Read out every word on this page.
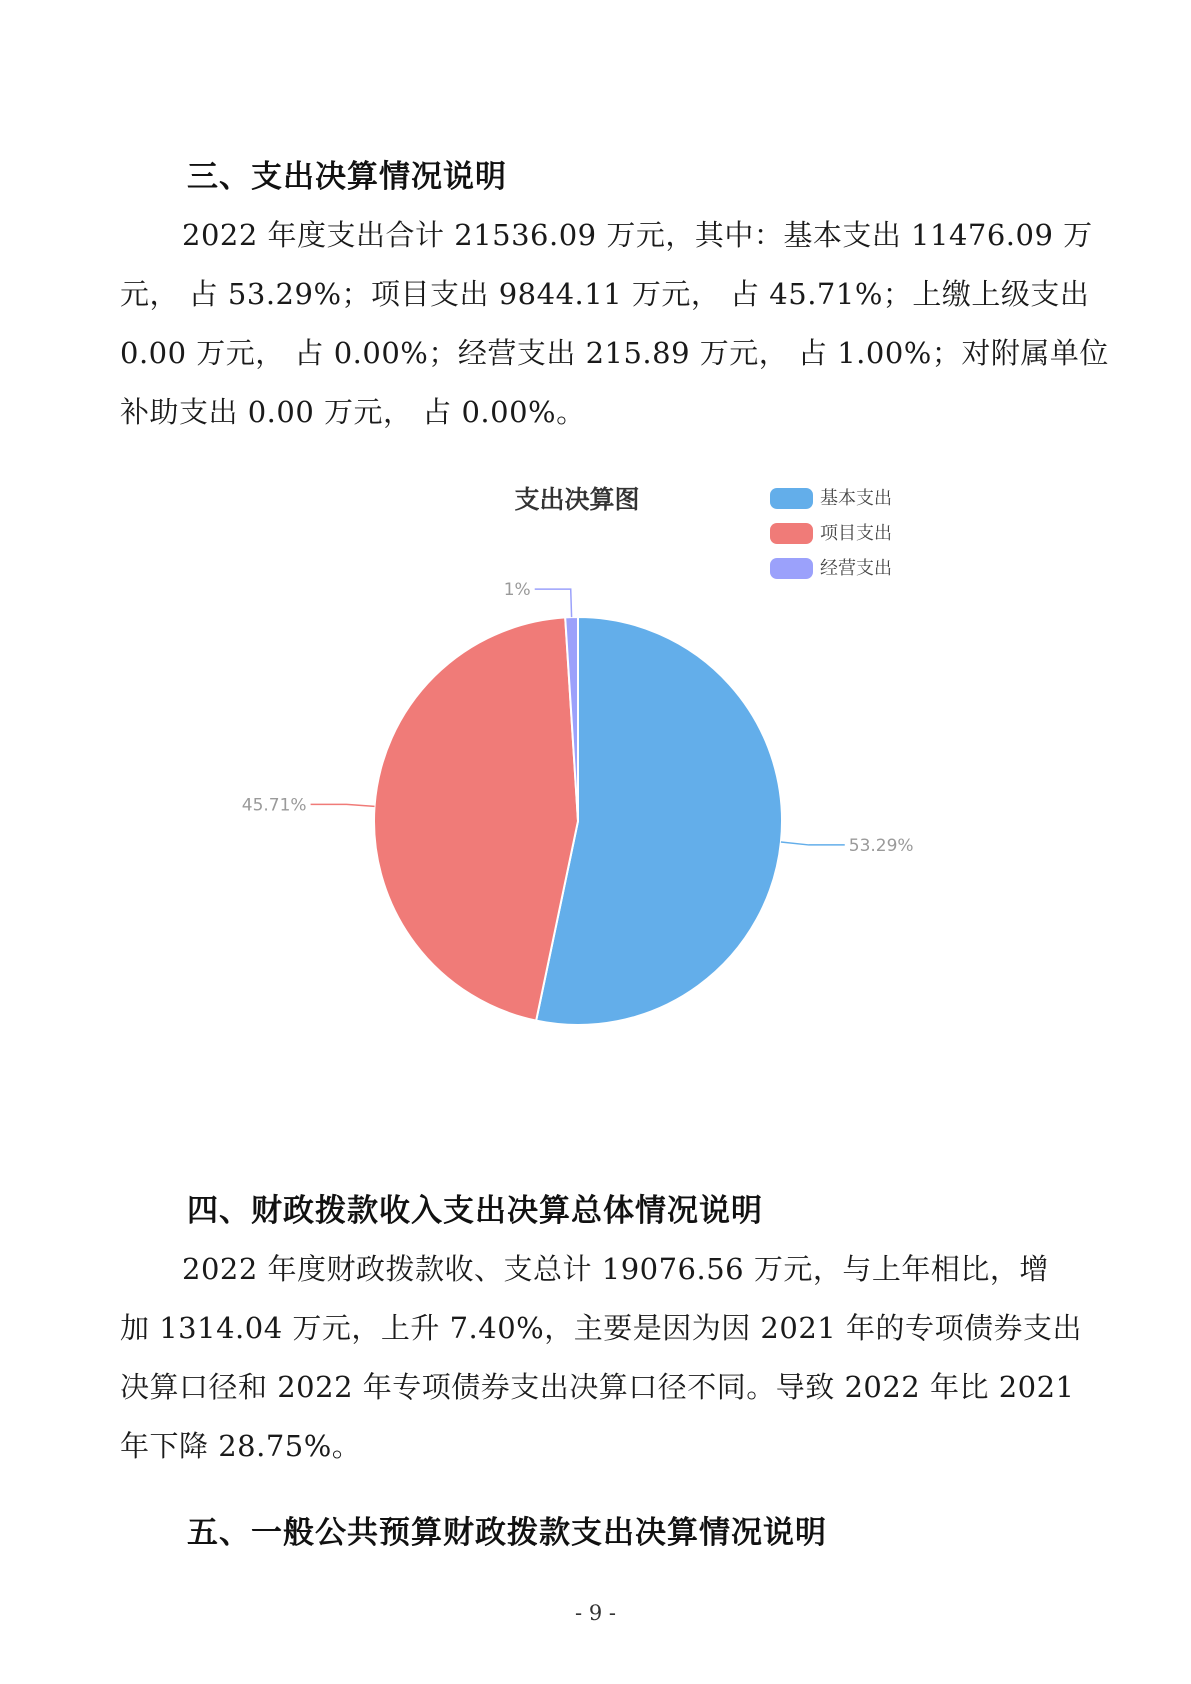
三、支出决算情况说明
2022 年度支出合计 21536.09 万元，其中：基本支出 11476.09 万
元， 占 53.29%；项目支出 9844.11 万元， 占 45.71%；上缴上级支出
0.00 万元， 占 0.00%；经营支出 215.89 万元， 占 1.00%；对附属单位
补助支出 0.00 万元， 占 0.00%。
支出决算图	基本支出
项目支出
经营支出
53.29%
45.71%
1%
四、财政拨款收入支出决算总体情况说明
2022 年度财政拨款收、支总计 19076.56 万元，与上年相比，增
加 1314.04 万元，上升 7.40%，主要是因为因 2021 年的专项债券支出
决算口径和 2022 年专项债券支出决算口径不同。导致 2022 年比 2021
年下降 28.75%。
五、一般公共预算财政拨款支出决算情况说明
- 9 -
